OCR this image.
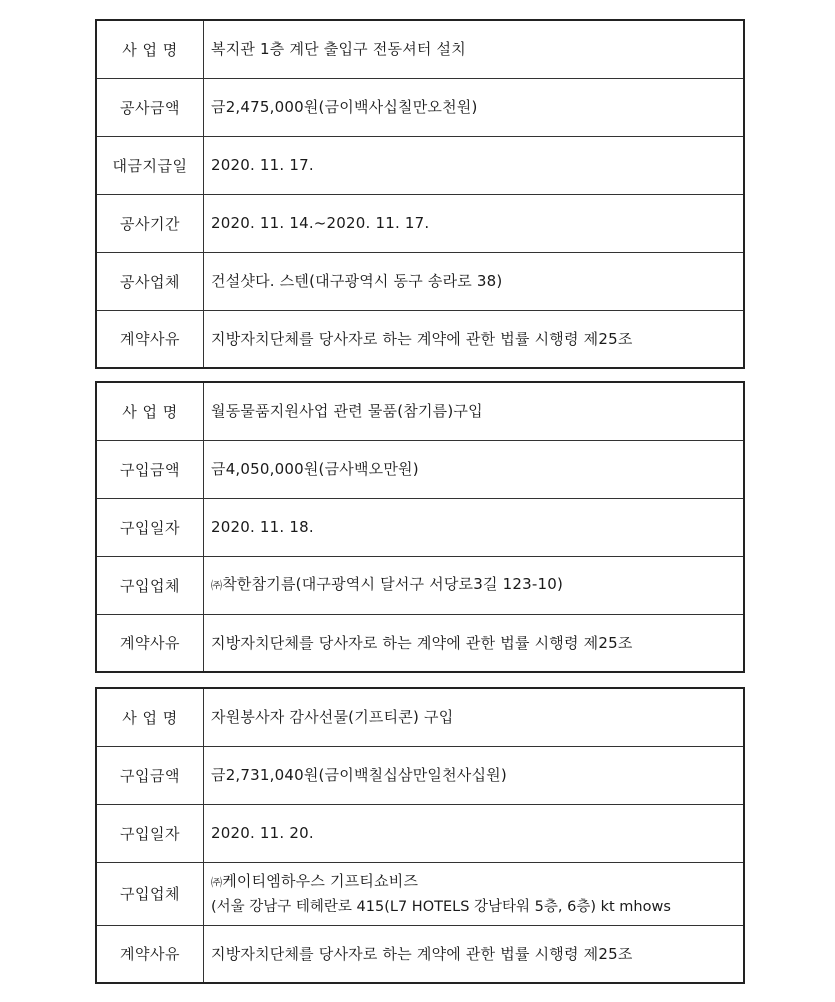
사 업 명	복지관 1층 계단 출입구 전동셔터 설치
공사금액	금2,475,000원(금이백사십칠만오천원)
대금지급일	2020. 11. 17.
공사기간	2020. 11. 14.~2020. 11. 17.
공사업체	건설샷다. 스텐(대구광역시 동구 송라로 38)
계약사유	지방자치단체를 당사자로 하는 계약에 관한 법률 시행령 제25조
사 업 명	월동물품지원사업 관련 물품(참기름)구입
구입금액	금4,050,000원(금사백오만원)
구입일자	2020. 11. 18.
구입업체	㈜착한참기름(대구광역시 달서구 서당로3길 123-10)
계약사유	지방자치단체를 당사자로 하는 계약에 관한 법률 시행령 제25조
사 업 명	자원봉사자 감사선물(기프티콘) 구입
구입금액	금2,731,040원(금이백칠십삼만일천사십원)
구입일자	2020. 11. 20.
구입업체	㈜케이티엠하우스 기프티쇼비즈
(서울 강남구 테헤란로 415(L7 HOTELS 강남타워 5층, 6층) kt mhows

계약사유	지방자치단체를 당사자로 하는 계약에 관한 법률 시행령 제25조
